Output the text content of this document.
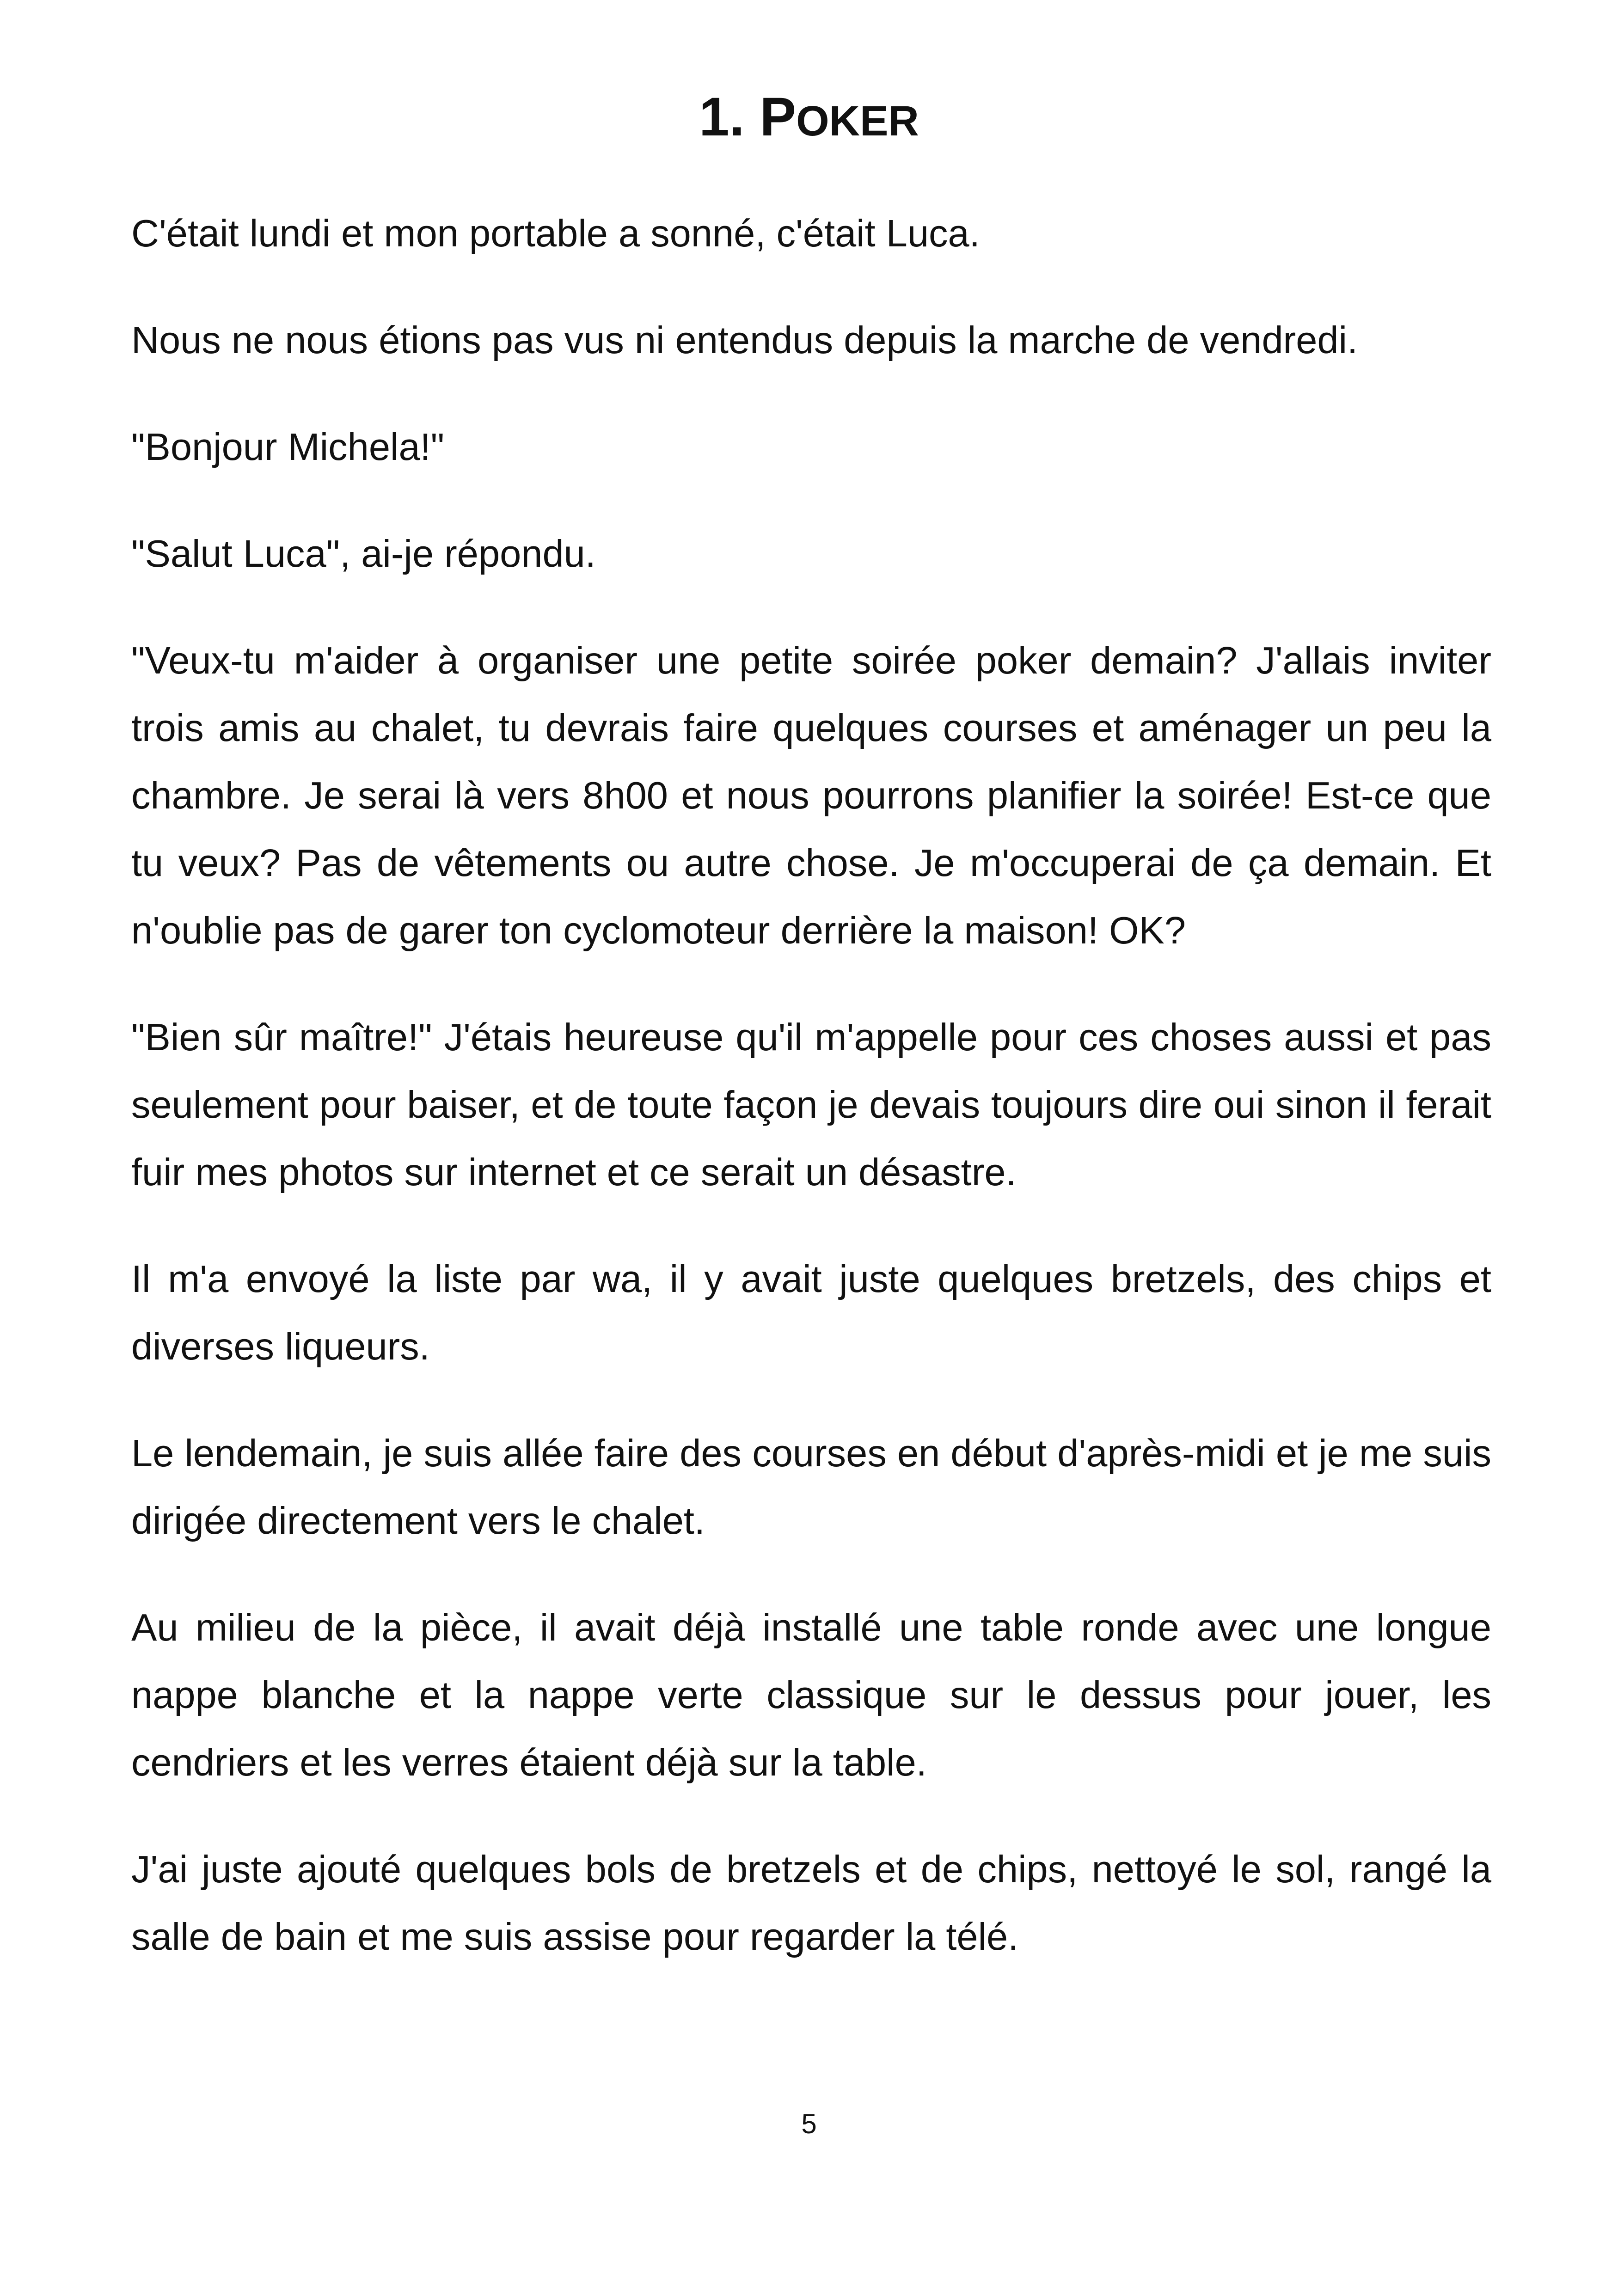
1. POKER

C'était lundi et mon portable a sonné, c'était Luca.

Nous ne nous étions pas vus ni entendus depuis la marche de vendredi.

"Bonjour Michela!"

"Salut Luca", ai-je répondu.

"Veux-tu m'aider à organiser une petite soirée poker demain? J'allais inviter trois amis au chalet, tu devrais faire quelques courses et aménager un peu la chambre. Je serai là vers 8h00 et nous pourrons planifier la soirée! Est-ce que tu veux? Pas de vêtements ou autre chose. Je m'occuperai de ça demain. Et n'oublie pas de garer ton cyclomoteur derrière la maison! OK?

"Bien sûr maître!" J'étais heureuse qu'il m'appelle pour ces choses aussi et pas seulement pour baiser, et de toute façon je devais toujours dire oui sinon il ferait fuir mes photos sur internet et ce serait un désastre.

Il m'a envoyé la liste par wa, il y avait juste quelques bretzels, des chips et diverses liqueurs.

Le lendemain, je suis allée faire des courses en début d'après-midi et je me suis dirigée directement vers le chalet.

Au milieu de la pièce, il avait déjà installé une table ronde avec une longue nappe blanche et la nappe verte classique sur le dessus pour jouer, les cendriers et les verres étaient déjà sur la table.

J'ai juste ajouté quelques bols de bretzels et de chips, nettoyé le sol, rangé la salle de bain et me suis assise pour regarder la télé.

5
